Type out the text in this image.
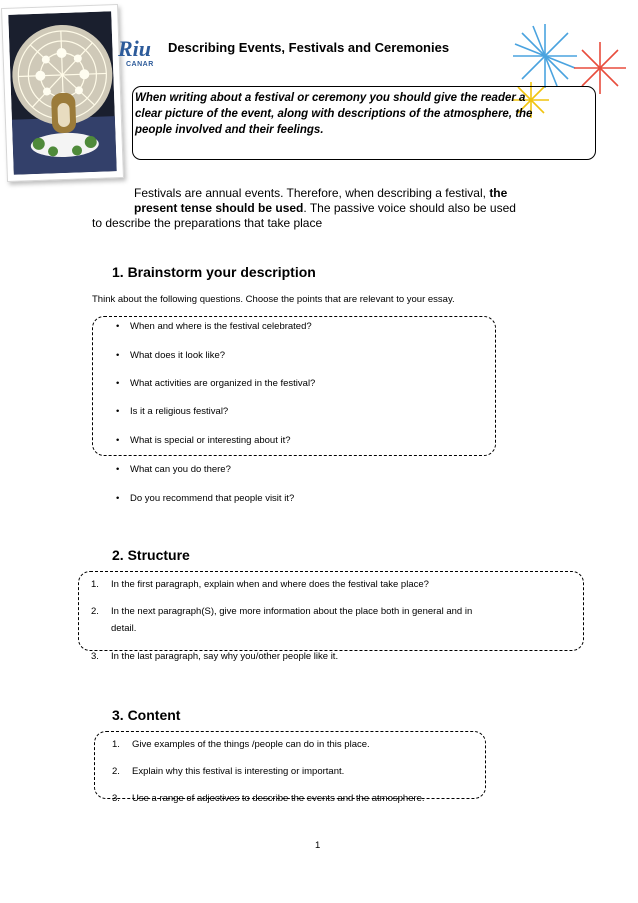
Riu
CANAR
Describing Events, Festivals and Ceremonies
When writing about a festival or ceremony you should give the reader a clear picture of the event, along with descriptions of the atmosphere, the people involved and their feelings.
Festivals are annual events. Therefore, when describing a festival, the
present tense should be used. The passive voice should also be used
to describe the preparations that take place
1. Brainstorm your description
Think about the following questions. Choose the points that are relevant to your essay.
• When and where is the festival celebrated?
• What does it look like?
• What activities are organized in the festival?
• Is it a religious festival?
• What is special or interesting about it?
• What can you do there?
• Do you recommend that people visit it?
2. Structure
1. In the first paragraph, explain when and where does the festival take place?
2. In the next paragraph(S), give more information about the place both in general and in
detail.
3. In the last paragraph, say why you/other people like it.
3. Content
1. Give examples of the things /people can do in this place.
2. Explain why this festival is interesting or important.
3. Use a range of adjectives to describe the events and the atmosphere.
1
